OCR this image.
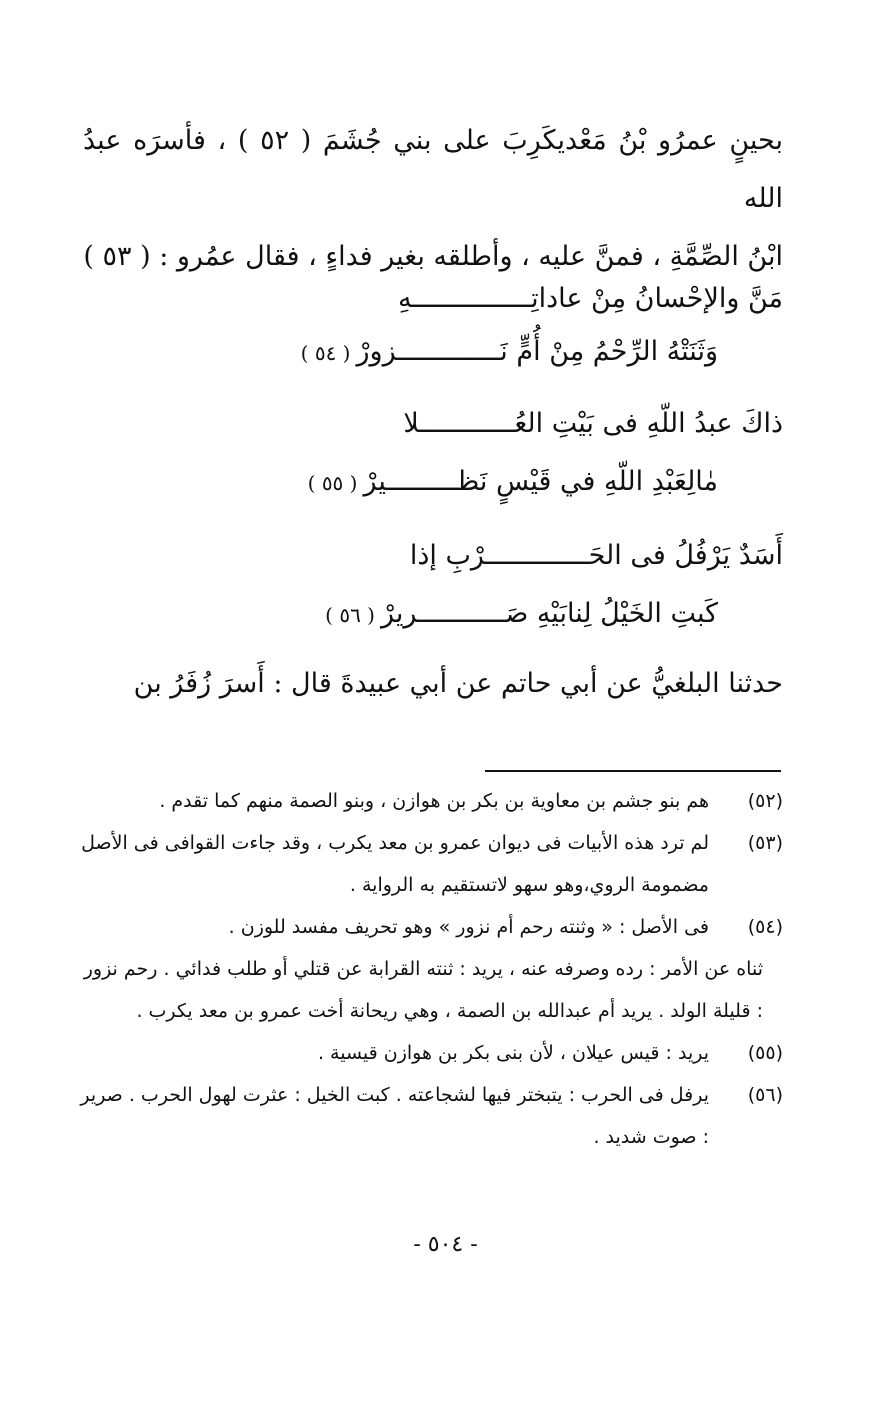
بحينٍ عمرُو بْنُ مَعْديكَرِبَ على بني جُشَمَ ( ٥٢ ) ، فأسرَه عبدُ الله

ابْنُ الصِّمَّةِ ، فمنَّ عليه ، وأطلقه بغير فداءٍ ، فقال عمُرو : ( ٥٣ )

مَنَّ والإحْسانُ مِنْ عاداتِـــــــــــــــهِ
وَثَنَتْهُ الرِّحْمُ مِنْ أُمٍّ نَـــــــــــــزورْ( ٥٤ )
ذاكَ عبدُ اللّهِ فى بَيْتِ العُــــــــــــلا
مٰالِعَبْدِ اللّهِ في قَيْسٍ نَظـــــــــيرْ( ٥٥ )
أَسَدٌ يَرْفُلُ فى الحَـــــــــــــرْبِ إذا
كَبتِ الخَيْلُ لِنابَيْهِ صَـــــــــــريرْ( ٥٦ )
حدثنا البلغيُّ عن أبي حاتم عن أبي عبيدةَ قال : أَسرَ زُفَرُ بن

(٥٢)
هم بنو جشم بن معاوية بن بكر بن هوازن ، وبنو الصمة منهم كما تقدم .

(٥٣)
لم ترد هذه الأبيات فى ديوان عمرو بن معد يكرب ، وقد جاءت القوافى فى الأصل مضمومة الروي،وهو سهو لاتستقيم به الرواية .

(٥٤)
فى الأصل : « وثنته رحم أم نزور » وهو تحريف مفسد للوزن .

ثناه عن الأمر : رده وصرفه عنه ، يريد : ثنته القرابة عن قتلي أو طلب فدائي . رحم نزور : قليلة الولد . يريد أم عبدالله بن الصمة ، وهي ريحانة أخت عمرو بن معد يكرب .

(٥٥)
يريد : قيس عيلان ، لأن بنى بكر بن هوازن قيسية .

(٥٦)
يرفل فى الحرب : يتبختر فيها لشجاعته . كبت الخيل : عثرت لهول الحرب . صرير : صوت شديد .

- ٥٠٤ -
